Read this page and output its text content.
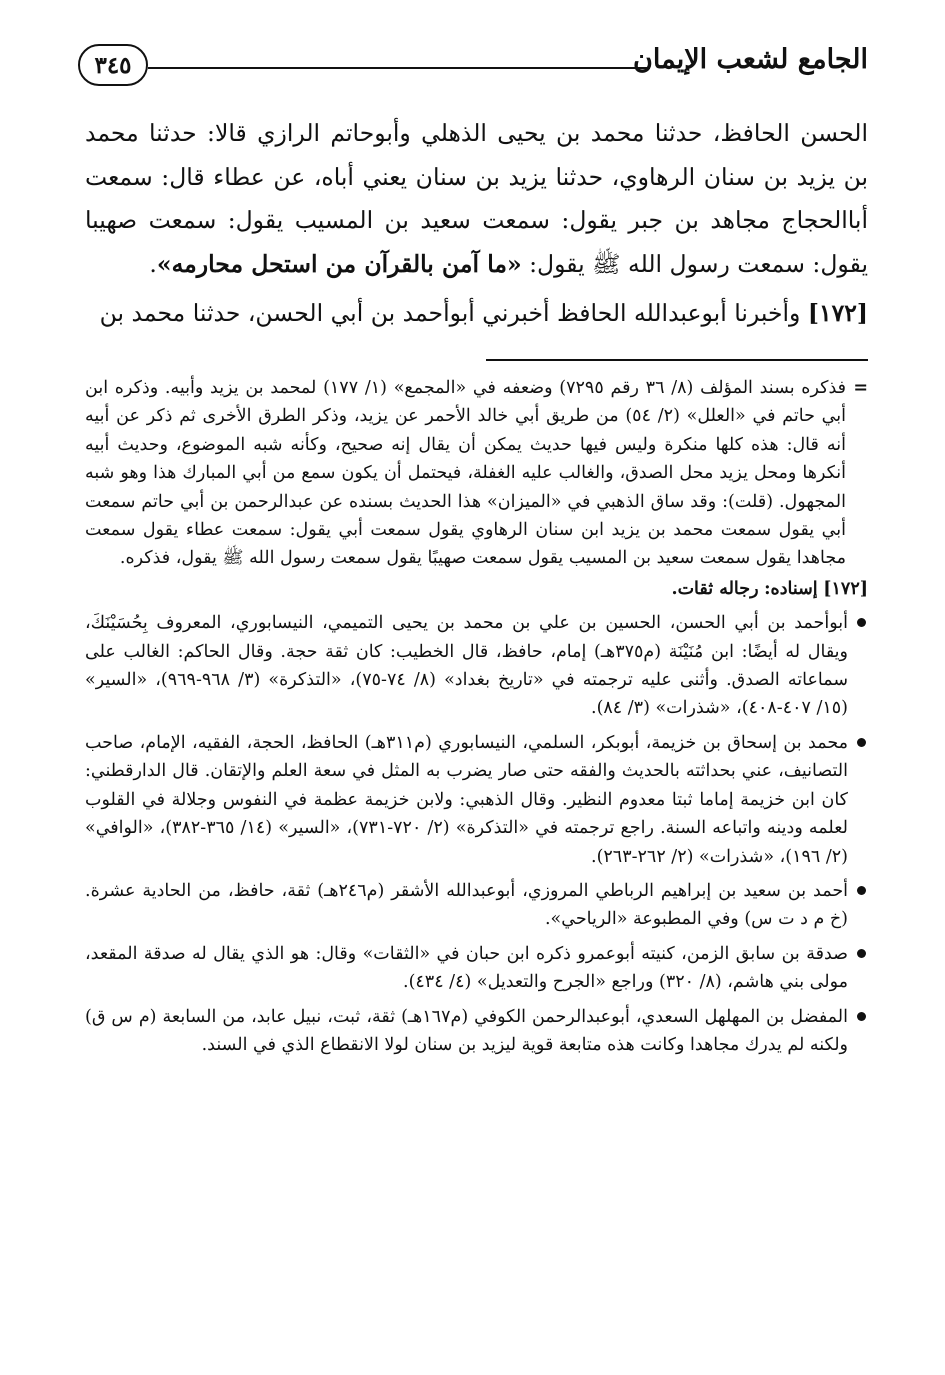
الجامع لشعب الإيمان
٣٤٥

الحسن الحافظ، حدثنا محمد بن يحيى الذهلي وأبوحاتم الرازي قالا: حدثنا محمد بن يزيد بن سنان الرهاوي، حدثنا يزيد بن سنان يعني أباه، عن عطاء قال: سمعت أباالحجاج مجاهد بن جبر يقول: سمعت سعيد بن المسيب يقول: سمعت صهيبا يقول: سمعت رسول الله ﷺ يقول: «ما آمن بالقرآن من استحل محارمه».

[١٧٢] وأخبرنا أبوعبدالله الحافظ أخبرني أبوأحمد بن أبي الحسن، حدثنا محمد بن

=
فذكره بسند المؤلف (٨/ ٣٦ رقم ٧٢٩٥) وضعفه في «المجمع» (١/ ١٧٧) لمحمد بن يزيد وأبيه. وذكره ابن أبي حاتم في «العلل» (٢/ ٥٤) من طريق أبي خالد الأحمر عن يزيد، وذكر الطرق الأخرى ثم ذكر عن أبيه أنه قال: هذه كلها منكرة وليس فيها حديث يمكن أن يقال إنه صحيح، وكأنه شبه الموضوع، وحديث أبيه أنكرها ومحل يزيد محل الصدق، والغالب عليه الغفلة، فيحتمل أن يكون سمع من أبي المبارك هذا وهو شبه المجهول. (قلت): وقد ساق الذهبي في «الميزان» هذا الحديث بسنده عن عبدالرحمن بن أبي حاتم سمعت أبي يقول سمعت محمد بن يزيد ابن سنان الرهاوي يقول سمعت أبي يقول: سمعت عطاء يقول سمعت مجاهدا يقول سمعت سعيد بن المسيب يقول سمعت صهيبًا يقول سمعت رسول الله ﷺ يقول، فذكره.
[١٧٢] إسناده: رجاله ثقات.
أبوأحمد بن أبي الحسن، الحسين بن علي بن محمد بن يحيى التميمي، النيسابوري، المعروف بِحُسَيْنَكَ، ويقال له أيضًا: ابن مُنَيْنَة (م٣٧٥هـ) إمام، حافظ، قال الخطيب: كان ثقة حجة. وقال الحاكم: الغالب على سماعاته الصدق. وأثنى عليه ترجمته في «تاريخ بغداد» (٨/ ٧٤-٧٥)، «التذكرة» (٣/ ٩٦٨-٩٦٩)، «السير» (١٥/ ٤٠٧-٤٠٨)، «شذرات» (٣/ ٨٤).
محمد بن إسحاق بن خزيمة، أبوبكر، السلمي، النيسابوري (م٣١١هـ) الحافظ، الحجة، الفقيه، الإمام، صاحب التصانيف، عني بحداثته بالحديث والفقه حتى صار يضرب به المثل في سعة العلم والإتقان. قال الدارقطني: كان ابن خزيمة إماما ثبتا معدوم النظير. وقال الذهبي: ولابن خزيمة عظمة في النفوس وجلالة في القلوب لعلمه ودينه واتباعه السنة. راجع ترجمته في «التذكرة» (٢/ ٧٢٠-٧٣١)، «السير» (١٤/ ٣٦٥-٣٨٢)، «الوافي» (٢/ ١٩٦)، «شذرات» (٢/ ٢٦٢-٢٦٣).
أحمد بن سعيد بن إبراهيم الرباطي المروزي، أبوعبدالله الأشقر (م٢٤٦هـ) ثقة، حافظ، من الحادية عشرة. (خ م د ت س) وفي المطبوعة «الرياحي».
صدقة بن سابق الزمن، كنيته أبوعمرو ذكره ابن حبان في «الثقات» وقال: هو الذي يقال له صدقة المقعد، مولى بني هاشم، (٨/ ٣٢٠) وراجع «الجرح والتعديل» (٤/ ٤٣٤).
المفضل بن المهلهل السعدي، أبوعبدالرحمن الكوفي (م١٦٧هـ) ثقة، ثبت، نبيل عابد، من السابعة (م س ق) ولكنه لم يدرك مجاهدا وكانت هذه متابعة قوية ليزيد بن سنان لولا الانقطاع الذي في السند.
